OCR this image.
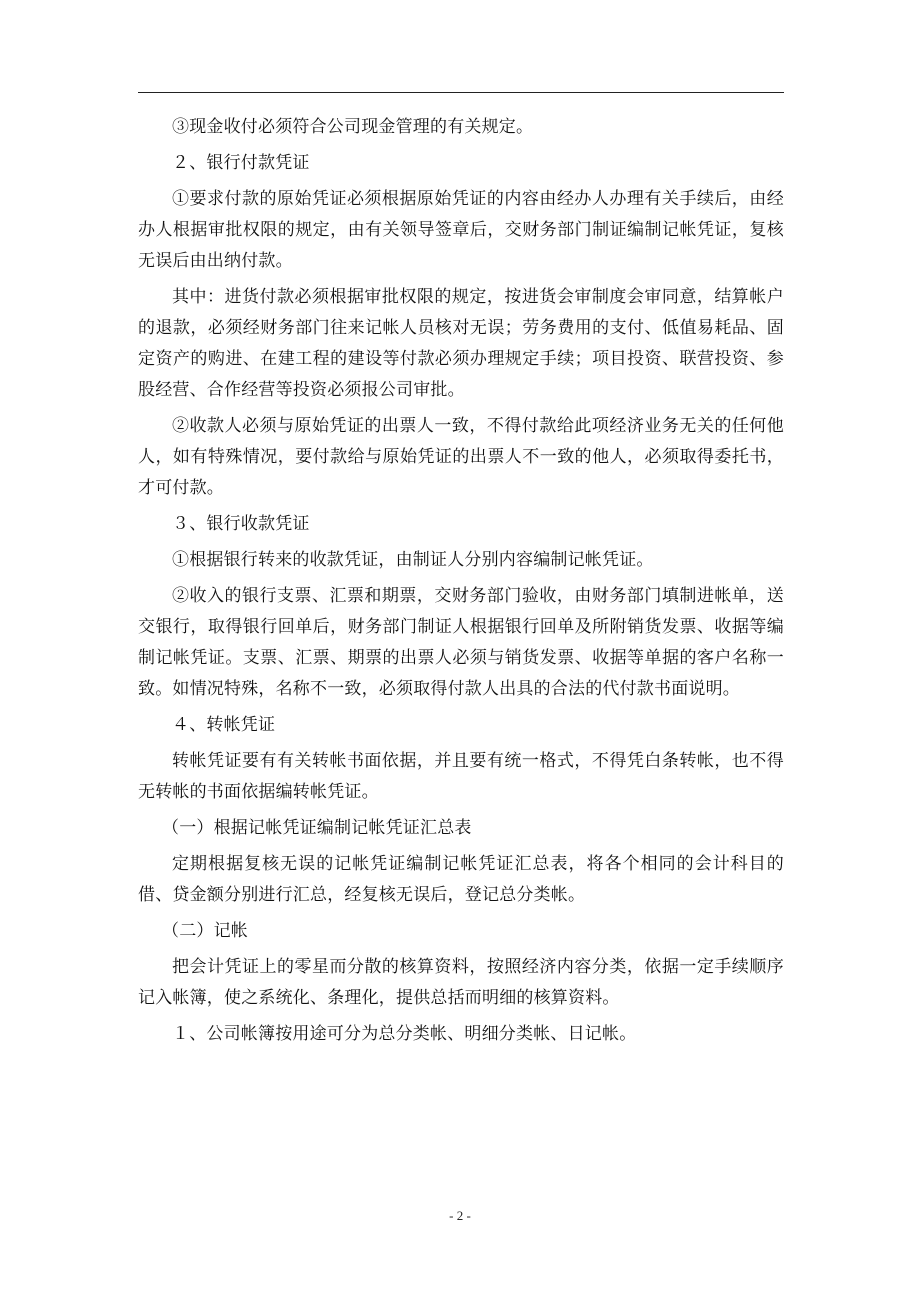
③现金收付必须符合公司现金管理的有关规定。

２、银行付款凭证

①要求付款的原始凭证必须根据原始凭证的内容由经办人办理有关手续后，由经办人根据审批权限的规定，由有关领导签章后，交财务部门制证编制记帐凭证，复核无误后由出纳付款。

其中：进货付款必须根据审批权限的规定，按进货会审制度会审同意，结算帐户的退款，必须经财务部门往来记帐人员核对无误；劳务费用的支付、低值易耗品、固定资产的购进、在建工程的建设等付款必须办理规定手续；项目投资、联营投资、参股经营、合作经营等投资必须报公司审批。

②收款人必须与原始凭证的出票人一致，不得付款给此项经济业务无关的任何他人，如有特殊情况，要付款给与原始凭证的出票人不一致的他人，必须取得委托书，才可付款。

３、银行收款凭证

①根据银行转来的收款凭证，由制证人分别内容编制记帐凭证。

②收入的银行支票、汇票和期票，交财务部门验收，由财务部门填制进帐单，送交银行，取得银行回单后，财务部门制证人根据银行回单及所附销货发票、收据等编制记帐凭证。支票、汇票、期票的出票人必须与销货发票、收据等单据的客户名称一致。如情况特殊，名称不一致，必须取得付款人出具的合法的代付款书面说明。

４、转帐凭证

转帐凭证要有有关转帐书面依据，并且要有统一格式，不得凭白条转帐，也不得无转帐的书面依据编转帐凭证。

（一）根据记帐凭证编制记帐凭证汇总表

定期根据复核无误的记帐凭证编制记帐凭证汇总表，将各个相同的会计科目的借、贷金额分别进行汇总，经复核无误后，登记总分类帐。

（二）记帐

把会计凭证上的零星而分散的核算资料，按照经济内容分类，依据一定手续顺序记入帐簿，使之系统化、条理化，提供总括而明细的核算资料。

１、公司帐簿按用途可分为总分类帐、明细分类帐、日记帐。

- 2 -
